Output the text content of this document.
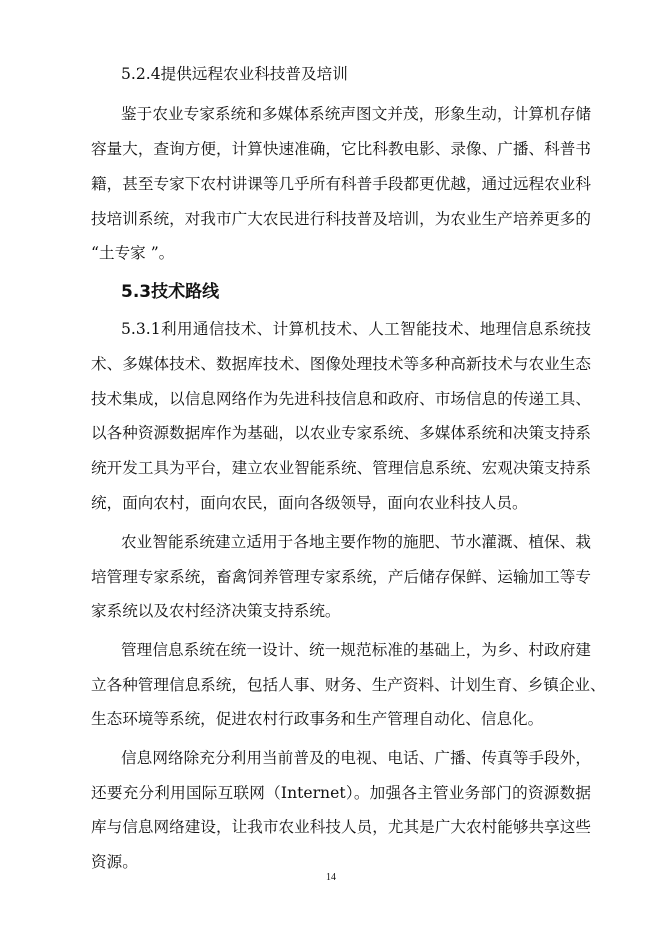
5.2.4提供远程农业科技普及培训
鉴于农业专家系统和多媒体系统声图文并茂，形象生动，计算机存储
容量大，查询方便，计算快速准确，它比科教电影、录像、广播、科普书
籍，甚至专家下农村讲课等几乎所有科普手段都更优越，通过远程农业科
技培训系统，对我市广大农民进行科技普及培训，为农业生产培养更多的
“土专家 ”。
5.3技术路线
5.3.1利用通信技术、计算机技术、人工智能技术、地理信息系统技
术、多媒体技术、数据库技术、图像处理技术等多种高新技术与农业生态
技术集成，以信息网络作为先进科技信息和政府、市场信息的传递工具、
以各种资源数据库作为基础，以农业专家系统、多媒体系统和决策支持系
统开发工具为平台，建立农业智能系统、管理信息系统、宏观决策支持系
统，面向农村，面向农民，面向各级领导，面向农业科技人员。
农业智能系统建立适用于各地主要作物的施肥、节水灌溉、植保、栽
培管理专家系统，畜禽饲养管理专家系统，产后储存保鲜、运输加工等专
家系统以及农村经济决策支持系统。
管理信息系统在统一设计、统一规范标准的基础上，为乡、村政府建
立各种管理信息系统，包括人事、财务、生产资料、计划生育、乡镇企业、
生态环境等系统，促进农村行政事务和生产管理自动化、信息化。
信息网络除充分利用当前普及的电视、电话、广播、传真等手段外，
还要充分利用国际互联网（Internet）。加强各主管业务部门的资源数据
库与信息网络建设，让我市农业科技人员，尤其是广大农村能够共享这些
资源。
14
